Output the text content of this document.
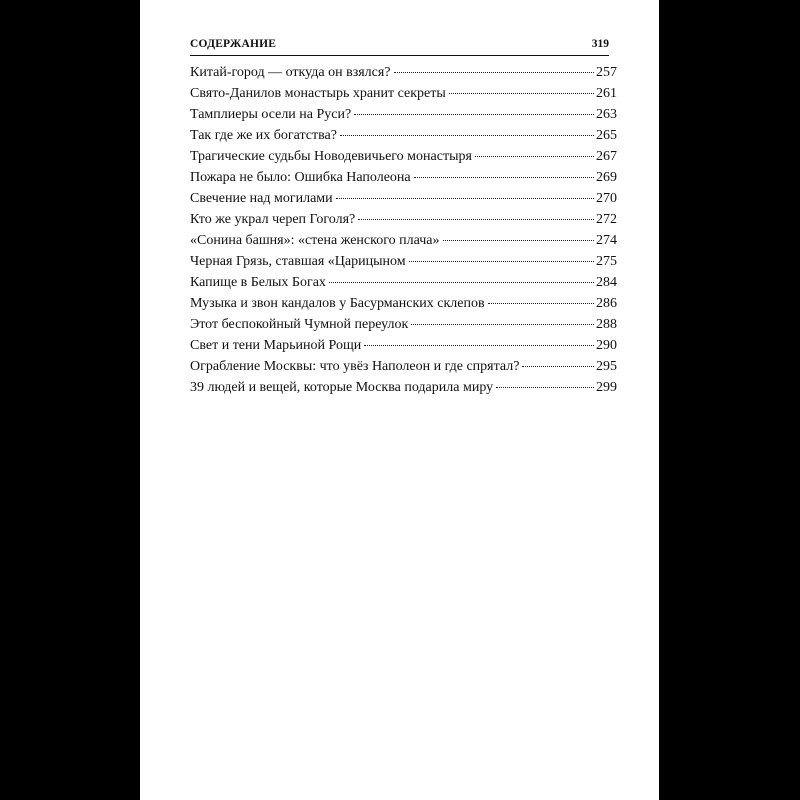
СОДЕРЖАНИЕ	319
Китай-город — откуда он взялся?	257
Свято-Данилов монастырь хранит секреты	261
Тамплиеры осели на Руси?	263
Так где же их богатства?	265
Трагические судьбы Новодевичьего монастыря	267
Пожара не было: Ошибка Наполеона	269
Свечение над могилами	270
Кто же украл череп Гоголя?	272
«Сонина башня»: «стена женского плача»	274
Черная Грязь, ставшая «Царицыном	275
Капище в Белых Богах	284
Музыка и звон кандалов у Басурманских склепов	286
Этот беспокойный Чумной переулок	288
Свет и тени Марьиной Рощи	290
Ограбление Москвы: что увёз Наполеон и где спрятал?	295
39 людей и вещей, которые Москва подарила миру	299
